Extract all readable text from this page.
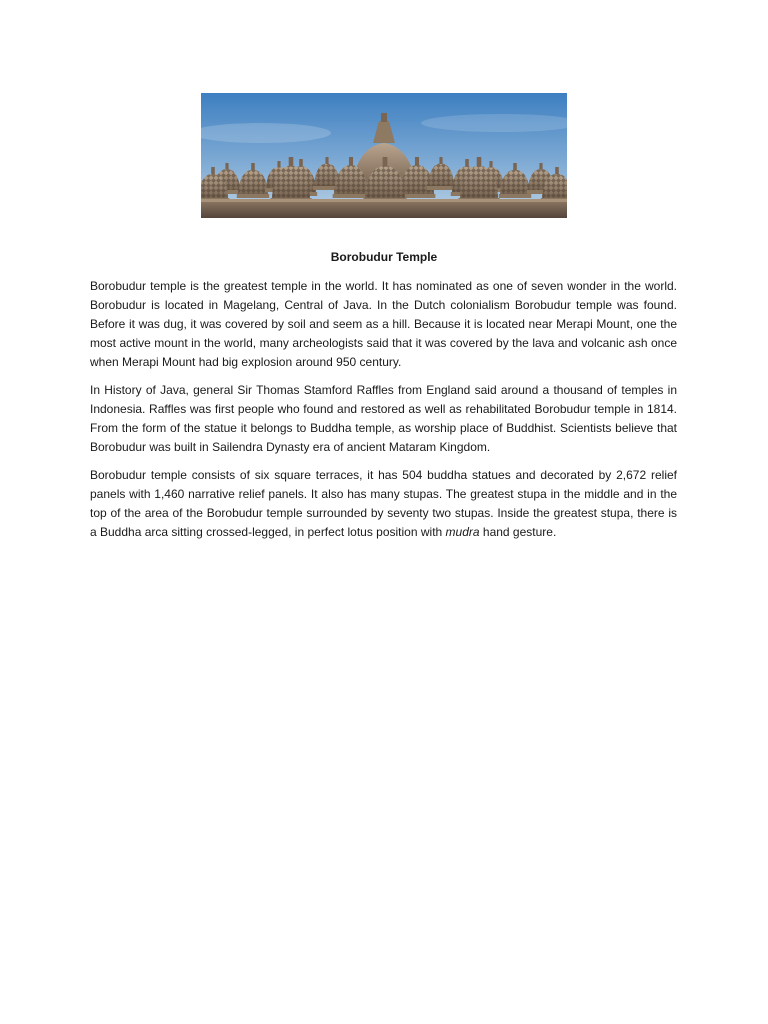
Borobudur Temple

Borobudur temple is the greatest temple in the world. It has nominated as one of seven wonder in the world. Borobudur is located in Magelang, Central of Java. In the Dutch colonialism Borobudur temple was found. Before it was dug, it was covered by soil and seem as a hill. Because it is located near Merapi Mount, one the most active mount in the world, many archeologists said that it was covered by the lava and volcanic ash once when Merapi Mount had big explosion around 950 century.

In History of Java, general Sir Thomas Stamford Raffles from England said around a thousand of temples in Indonesia. Raffles was first people who found and restored as well as rehabilitated Borobudur temple in 1814. From the form of the statue it belongs to Buddha temple, as worship place of Buddhist. Scientists believe that Borobudur was built in Sailendra Dynasty era of ancient Mataram Kingdom.

Borobudur temple consists of six square terraces, it has 504 buddha statues and decorated by 2,672 relief panels with 1,460 narrative relief panels. It also has many stupas. The greatest stupa in the middle and in the top of the area of the Borobudur temple surrounded by seventy two stupas. Inside the greatest stupa, there is a Buddha arca sitting crossed-legged, in perfect lotus position with mudra hand gesture.
